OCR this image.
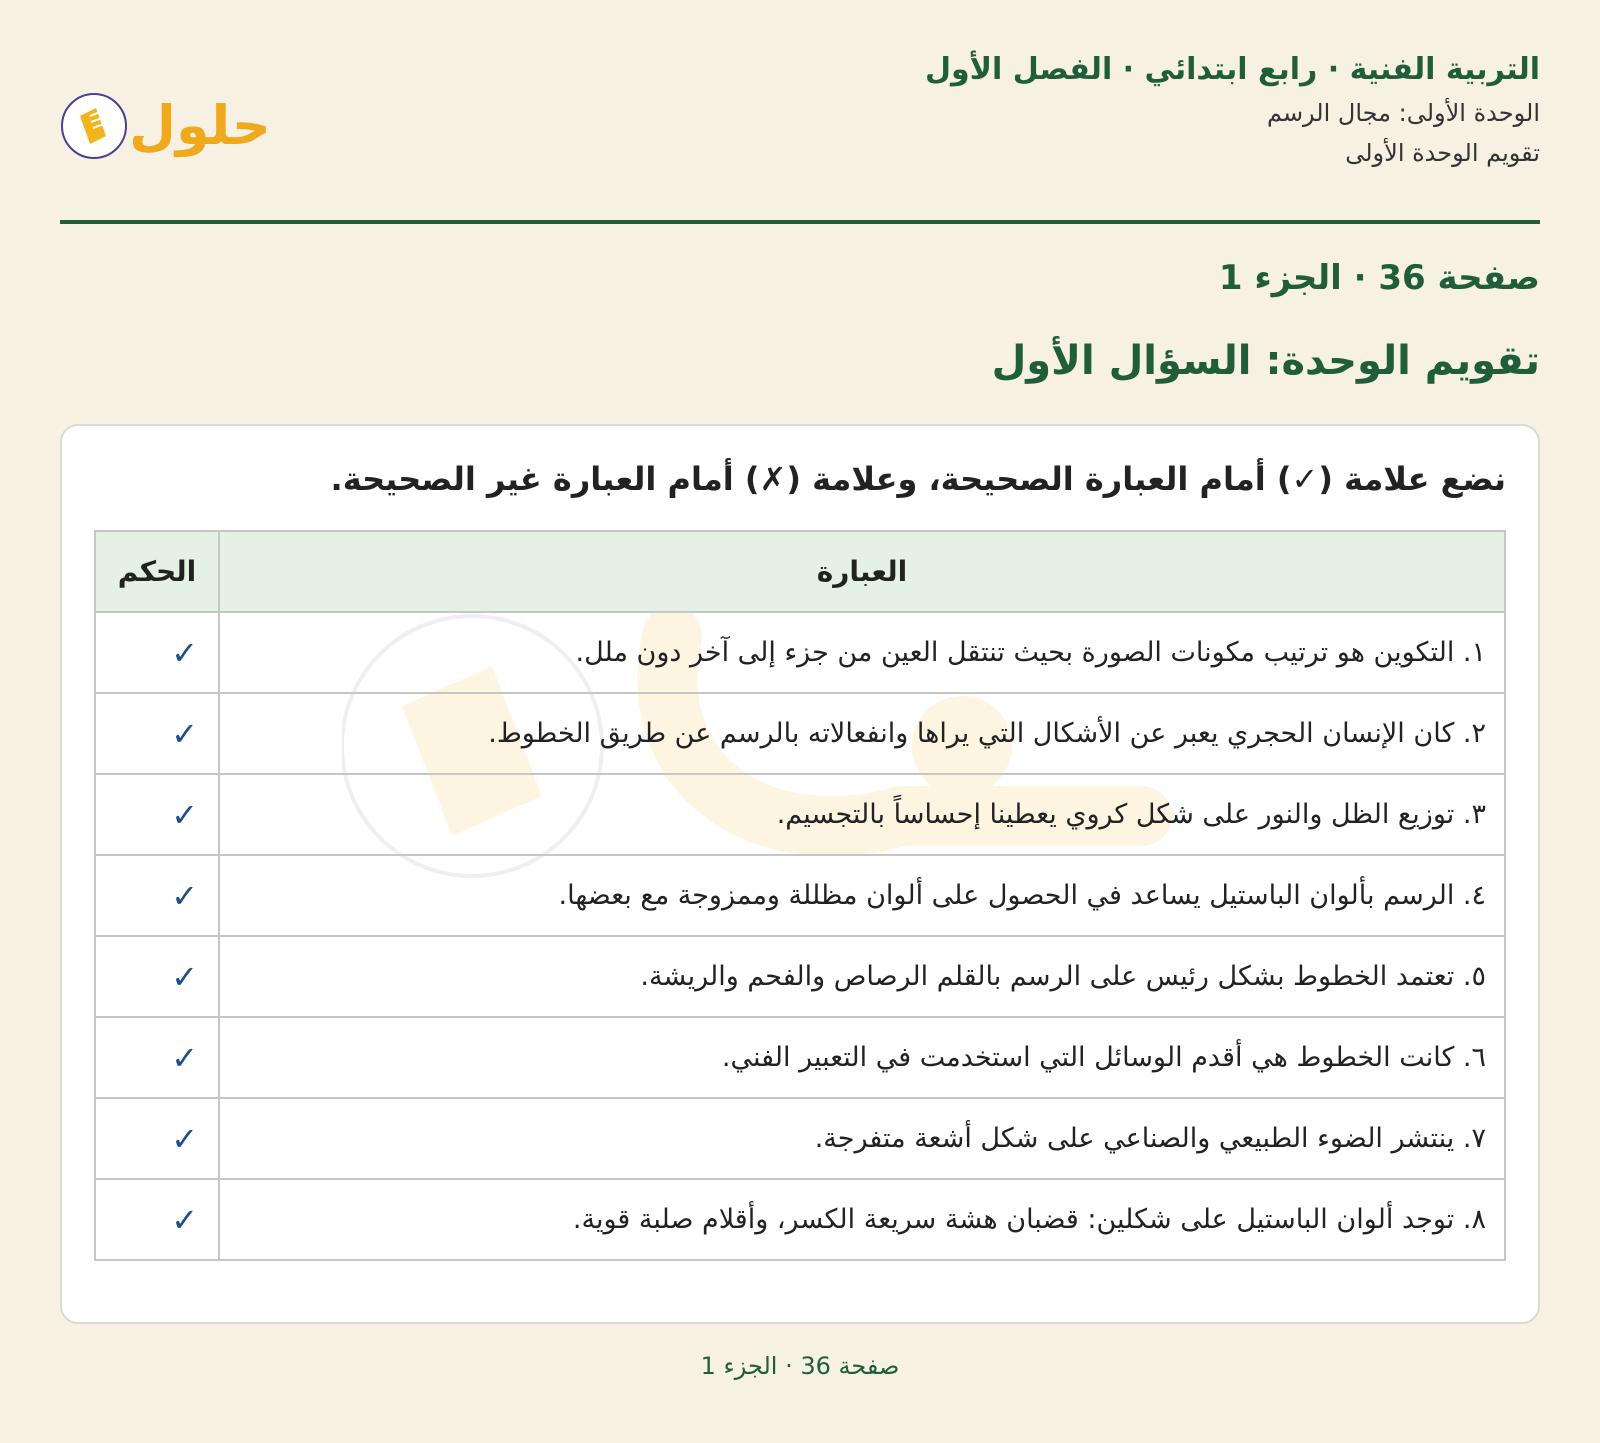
التربية الفنية · رابع ابتدائي · الفصل الأول
الوحدة الأولى: مجال الرسم
تقويم الوحدة الأولى
حلول
صفحة 36 · الجزء 1
تقويم الوحدة: السؤال الأول
نضع علامة (✓) أمام العبارة الصحيحة، وعلامة (✗) أمام العبارة غير الصحيحة.
العبارة	الحكم
١. التكوين هو ترتيب مكونات الصورة بحيث تنتقل العين من جزء إلى آخر دون ملل.	✓
٢. كان الإنسان الحجري يعبر عن الأشكال التي يراها وانفعالاته بالرسم عن طريق الخطوط.	✓
٣. توزيع الظل والنور على شكل كروي يعطينا إحساساً بالتجسيم.	✓
٤. الرسم بألوان الباستيل يساعد في الحصول على ألوان مظللة وممزوجة مع بعضها.	✓
٥. تعتمد الخطوط بشكل رئيس على الرسم بالقلم الرصاص والفحم والريشة.	✓
٦. كانت الخطوط هي أقدم الوسائل التي استخدمت في التعبير الفني.	✓
٧. ينتشر الضوء الطبيعي والصناعي على شكل أشعة متفرجة.	✓
٨. توجد ألوان الباستيل على شكلين: قضبان هشة سريعة الكسر، وأقلام صلبة قوية.	✓
صفحة 36 · الجزء 1
